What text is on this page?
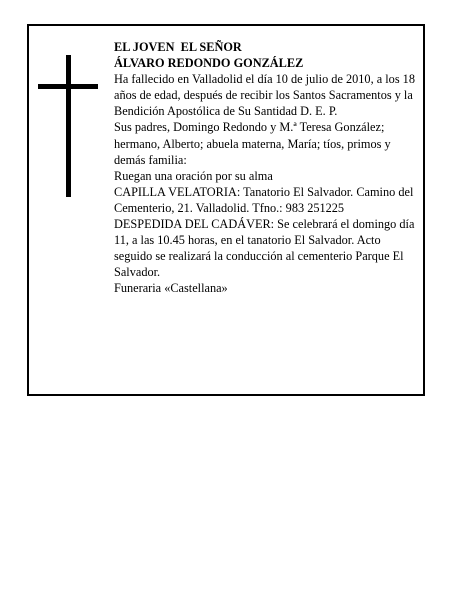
EL JOVEN  EL SEÑOR

ÁLVARO REDONDO GONZÁLEZ

Ha fallecido en Valladolid el día 10 de julio de 2010, a los 18 años de edad, después de recibir los Santos Sacramentos y la Bendición Apostólica de Su Santidad D. E. P.

Sus padres, Domingo Redondo y M.ª Teresa González; hermano, Alberto; abuela materna, María; tíos, primos y demás familia:

Ruegan una oración por su alma

CAPILLA VELATORIA: Tanatorio El Salvador. Camino del Cementerio, 21. Valladolid. Tfno.: 983 251225

DESPEDIDA DEL CADÁVER: Se celebrará el domingo día 11, a las 10.45 horas, en el tanatorio El Salvador. Acto seguido se realizará la conducción al cementerio Parque El Salvador.

Funeraria «Castellana»
